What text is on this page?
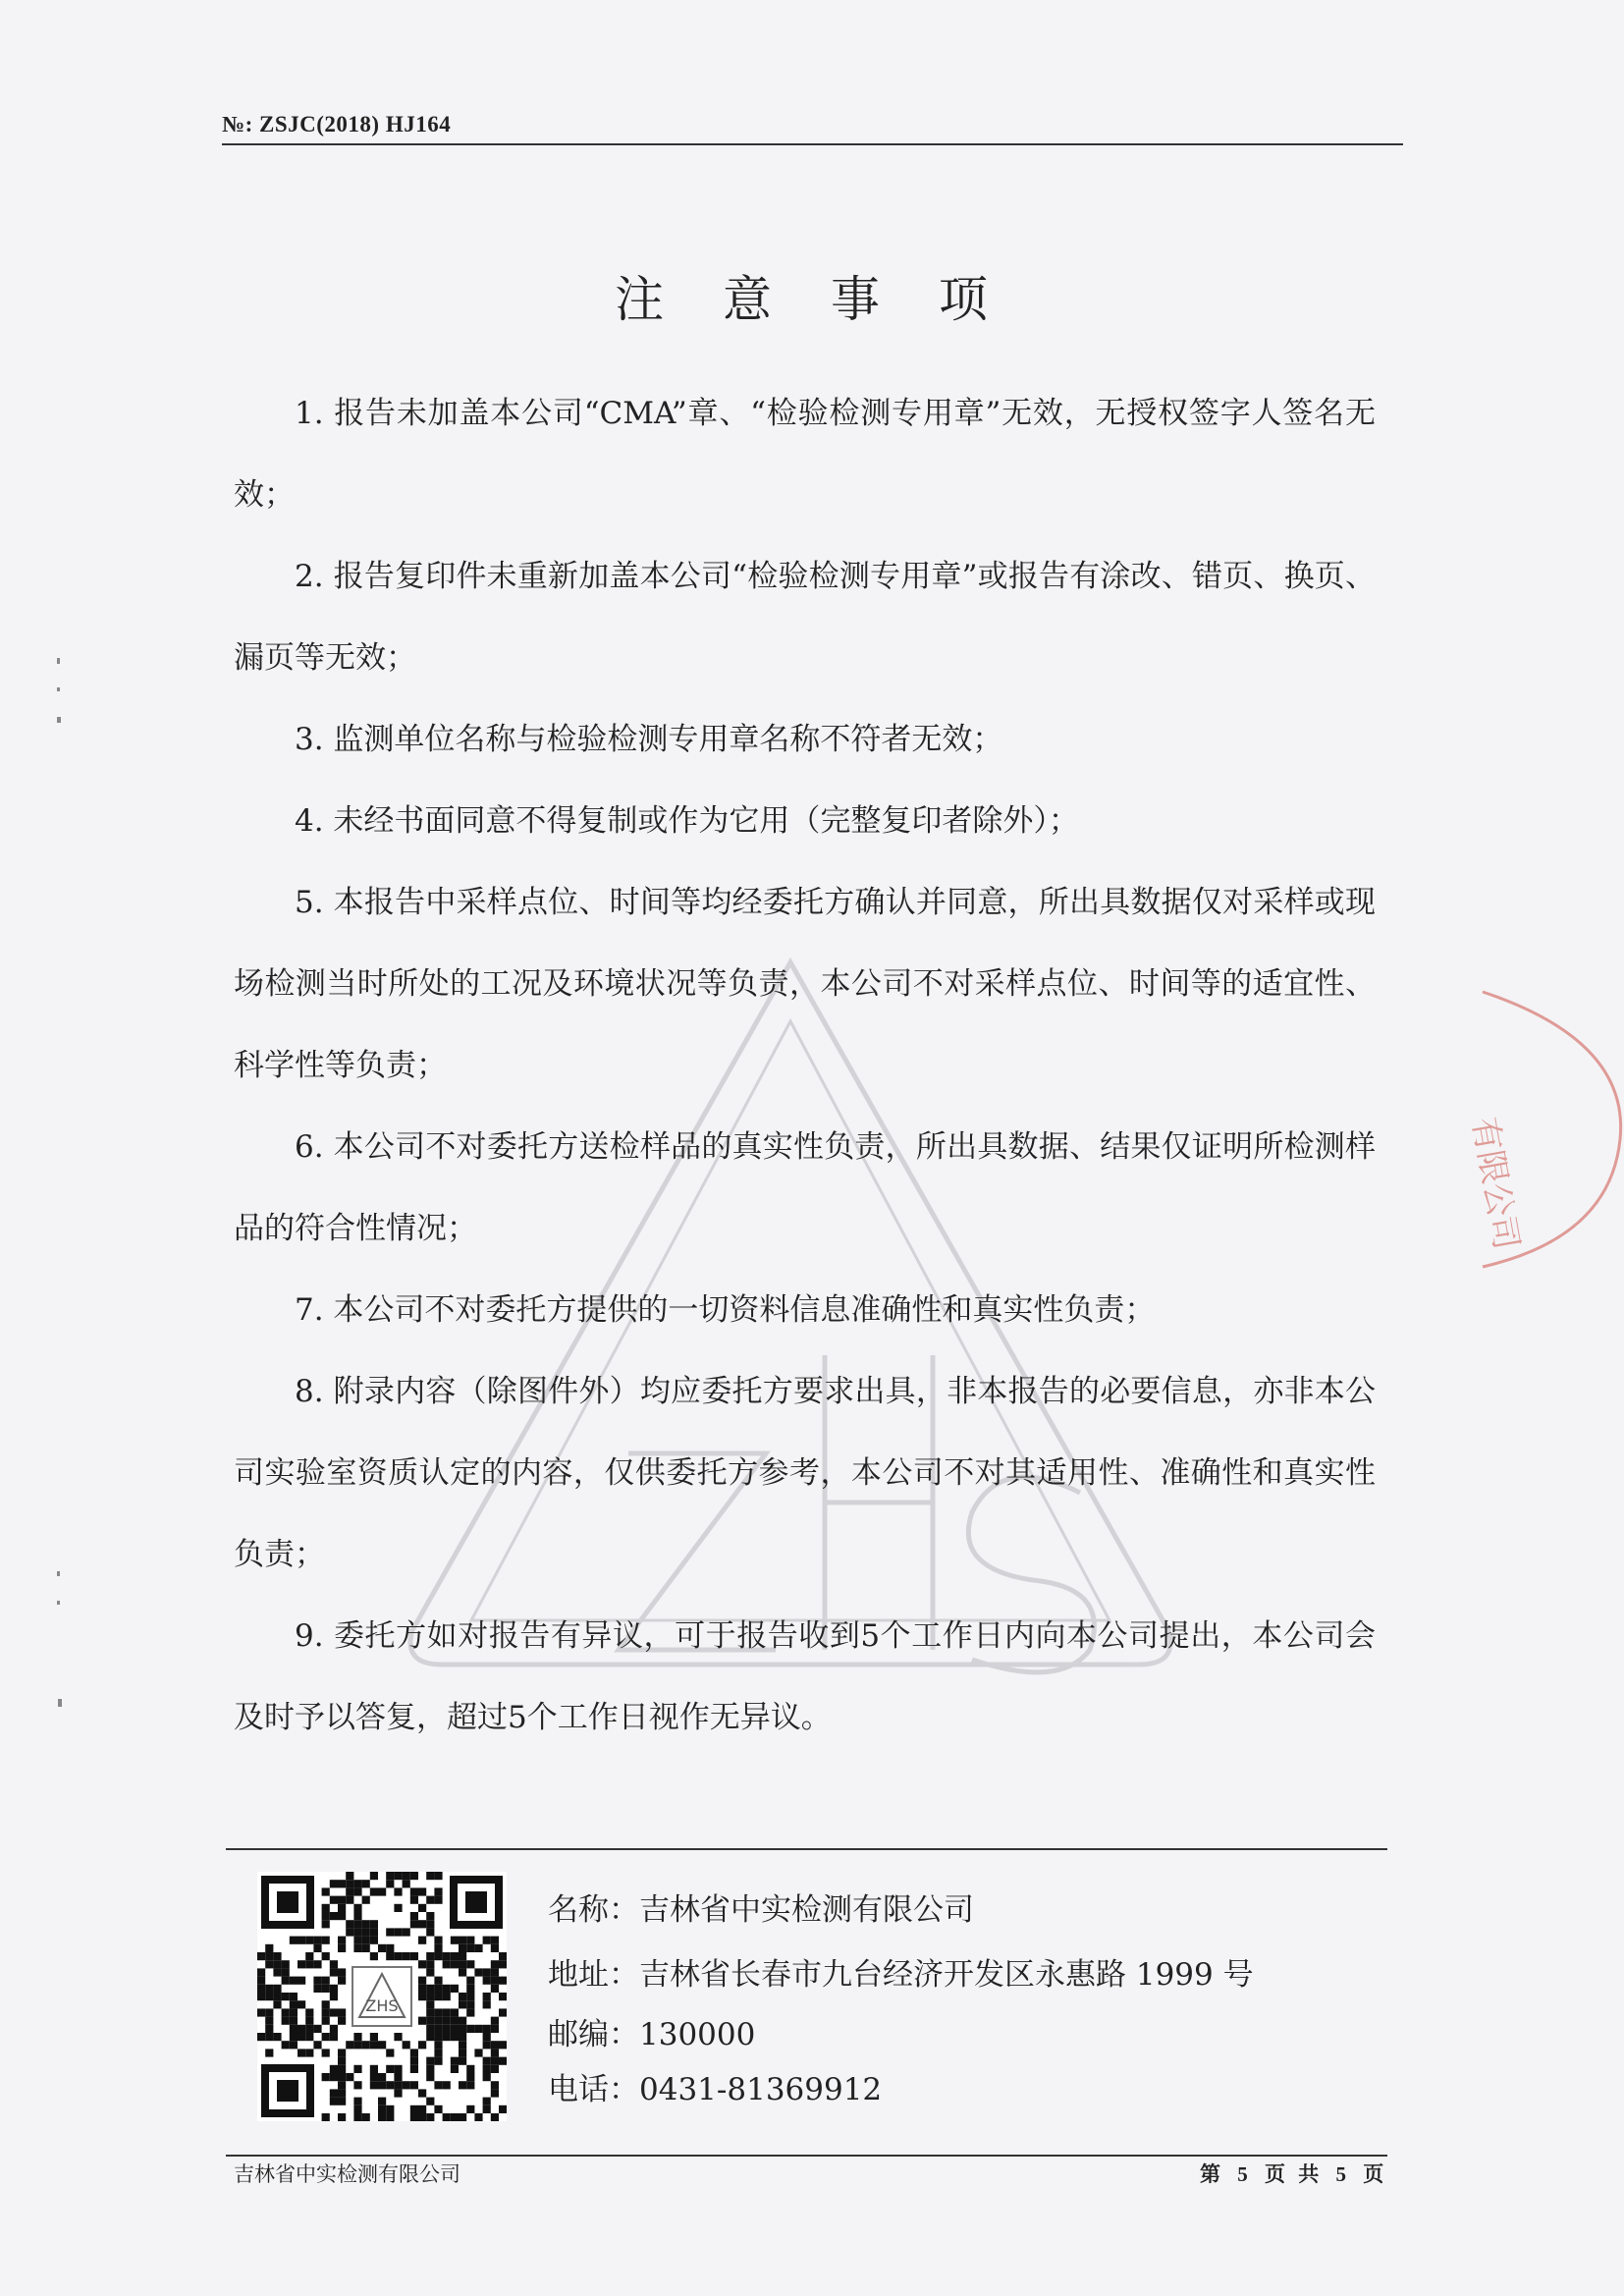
№: ZSJC(2018) HJ164
注 意 事 项
有限公司

1. 报告未加盖本公司“CMA”章、“检验检测专用章”无效，无授权签字人签名无效；

2. 报告复印件未重新加盖本公司“检验检测专用章”或报告有涂改、错页、换页、漏页等无效；

3. 监测单位名称与检验检测专用章名称不符者无效；

4. 未经书面同意不得复制或作为它用（完整复印者除外）；

5. 本报告中采样点位、时间等均经委托方确认并同意，所出具数据仅对采样或现场检测当时所处的工况及环境状况等负责，本公司不对采样点位、时间等的适宜性、科学性等负责；

6. 本公司不对委托方送检样品的真实性负责，所出具数据、结果仅证明所检测样品的符合性情况；

7. 本公司不对委托方提供的一切资料信息准确性和真实性负责；

8. 附录内容（除图件外）均应委托方要求出具，非本报告的必要信息，亦非本公司实验室资质认定的内容，仅供委托方参考，本公司不对其适用性、准确性和真实性负责；

9. 委托方如对报告有异议，可于报告收到5个工作日内向本公司提出，本公司会及时予以答复，超过5个工作日视作无异议。

ZHS
名称：吉林省中实检测有限公司
地址：吉林省长春市九台经济开发区永惠路 1999 号
邮编：130000
电话：0431-81369912
吉林省中实检测有限公司	第 5 页 共 5 页
